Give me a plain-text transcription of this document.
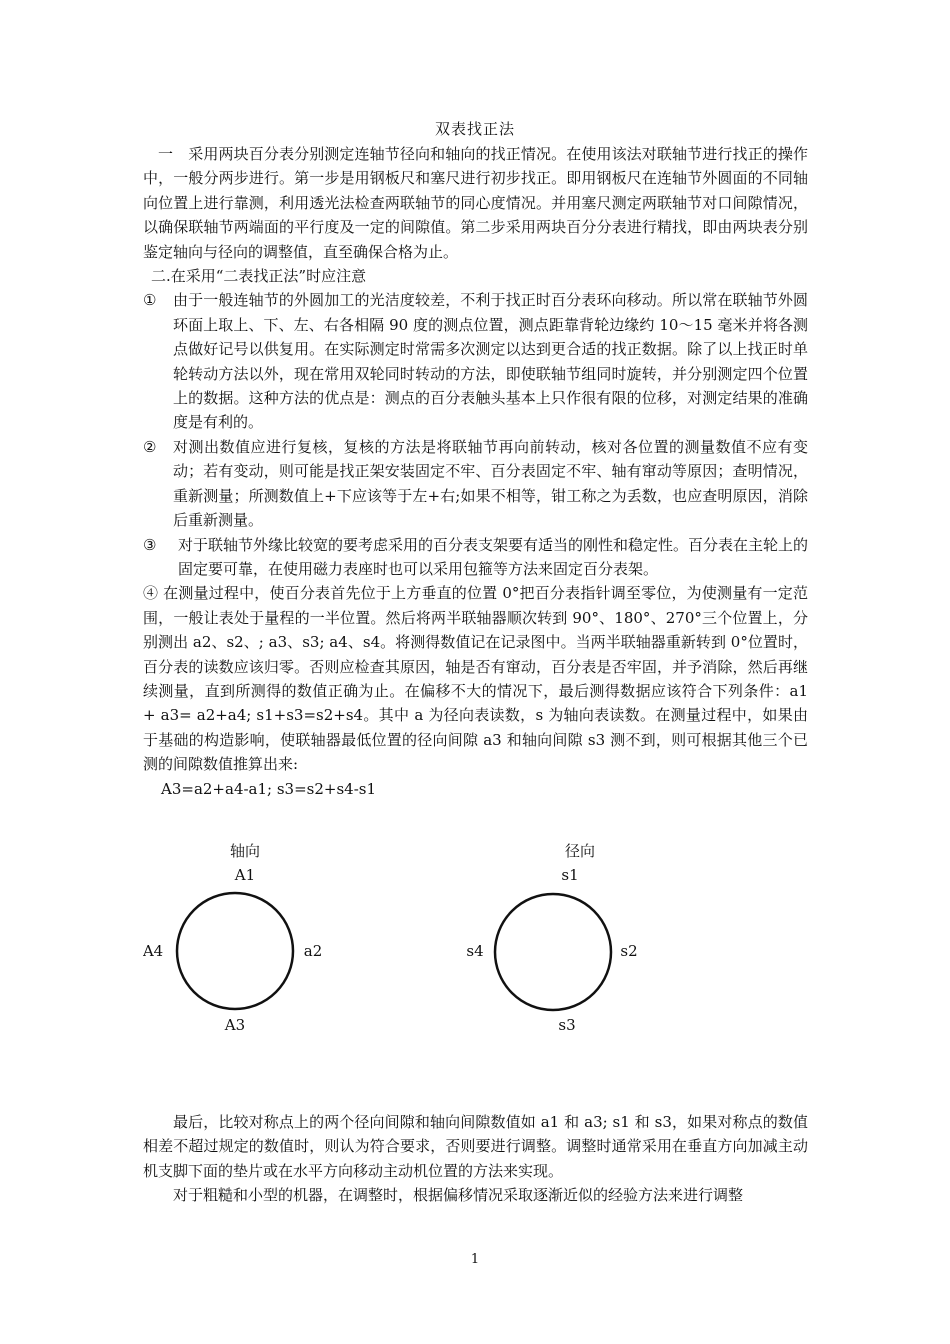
双表找正法

一　采用两块百分表分别测定连轴节径向和轴向的找正情况。在使用该法对联轴节进行找正的操作中，一般分两步进行。第一步是用钢板尺和塞尺进行初步找正。即用钢板尺在连轴节外圆面的不同轴向位置上进行靠测，利用透光法检查两联轴节的同心度情况。并用塞尺测定两联轴节对口间隙情况，以确保联轴节两端面的平行度及一定的间隙值。第二步采用两块百分分表进行精找，即由两块表分别鉴定轴向与径向的调整值，直至确保合格为止。

二.在采用“二表找正法”时应注意

① 由于一般连轴节的外圆加工的光洁度较差，不利于找正时百分表环向移动。所以常在联轴节外圆环面上取上、下、左、右各相隔 90 度的测点位置，测点距靠背轮边缘约 10～15 毫米并将各测点做好记号以供复用。在实际测定时常需多次测定以达到更合适的找正数据。除了以上找正时单轮转动方法以外，现在常用双轮同时转动的方法，即使联轴节组同时旋转，并分别测定四个位置上的数据。这种方法的优点是：测点的百分表触头基本上只作很有限的位移，对测定结果的准确度是有利的。
② 对测出数值应进行复核，复核的方法是将联轴节再向前转动，核对各位置的测量数值不应有变动；若有变动，则可能是找正架安装固定不牢、百分表固定不牢、轴有窜动等原因；查明情况，重新测量；所测数值上+下应该等于左+右;如果不相等，钳工称之为丢数，也应查明原因，消除后重新测量。
③ 对于联轴节外缘比较宽的要考虑采用的百分表支架要有适当的刚性和稳定性。百分表在主轮上的固定要可靠，在使用磁力表座时也可以采用包箍等方法来固定百分表架。

④ 在测量过程中，使百分表首先位于上方垂直的位置 0°把百分表指针调至零位，为使测量有一定范围，一般让表处于量程的一半位置。然后将两半联轴器顺次转到 90°、180°、270°三个位置上，分别测出 a2、s2、; a3、s3; a4、s4。将测得数值记在记录图中。当两半联轴器重新转到 0°位置时，百分表的读数应该归零。否则应检查其原因，轴是否有窜动，百分表是否牢固，并予消除，然后再继续测量，直到所测得的数值正确为止。在偏移不大的情况下，最后测得数据应该符合下列条件：a1 + a3= a2+a4; s1+s3=s2+s4。其中 a 为径向表读数，s 为轴向表读数。在测量过程中，如果由于基础的构造影响，使联轴器最低位置的径向间隙 a3 和轴向间隙 s3 测不到，则可根据其他三个已测的间隙数值推算出来:

A3=a2+a4-a1; s3=s2+s4-s1

轴向
A1
a2
A3
A4
径向
s1
s2
s3
s4

最后，比较对称点上的两个径向间隙和轴向间隙数值如 a1 和 a3; s1 和 s3，如果对称点的数值相差不超过规定的数值时，则认为符合要求，否则要进行调整。调整时通常采用在垂直方向加减主动机支脚下面的垫片或在水平方向移动主动机位置的方法来实现。

对于粗糙和小型的机器，在调整时，根据偏移情况采取逐渐近似的经验方法来进行调整

1
